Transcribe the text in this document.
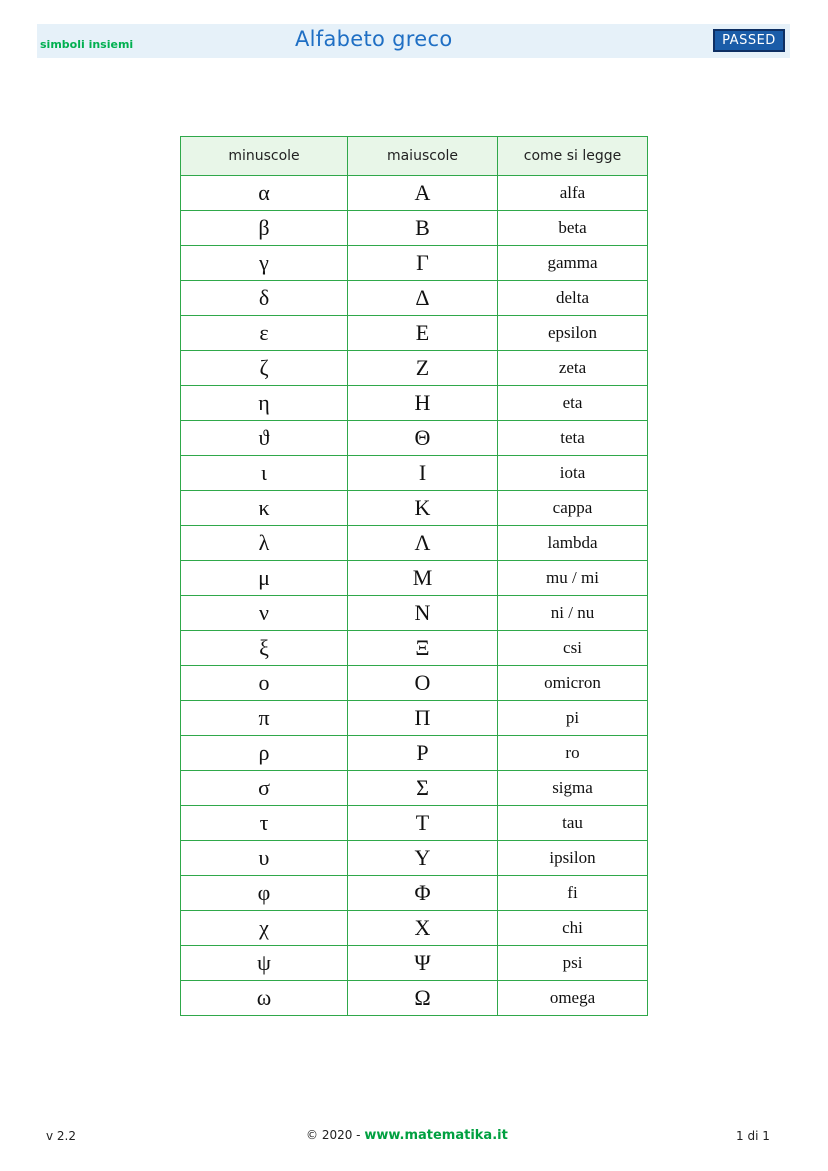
simboli insiemi	Alfabeto greco	PASSED
minuscole	maiuscole	come si legge
α	Α	alfa
β	Β	beta
γ	Γ	gamma
δ	Δ	delta
ε	Ε	epsilon
ζ	Ζ	zeta
η	Η	eta
ϑ	Θ	teta
ι	Ι	iota
κ	Κ	cappa
λ	Λ	lambda
μ	Μ	mu / mi
ν	Ν	ni / nu
ξ	Ξ	csi
ο	Ο	omicron
π	Π	pi
ρ	Ρ	ro
σ	Σ	sigma
τ	Τ	tau
υ	Υ	ipsilon
φ	Φ	fi
χ	Χ	chi
ψ	Ψ	psi
ω	Ω	omega
v 2.2	© 2020 - www.matematika.it	1 di 1
